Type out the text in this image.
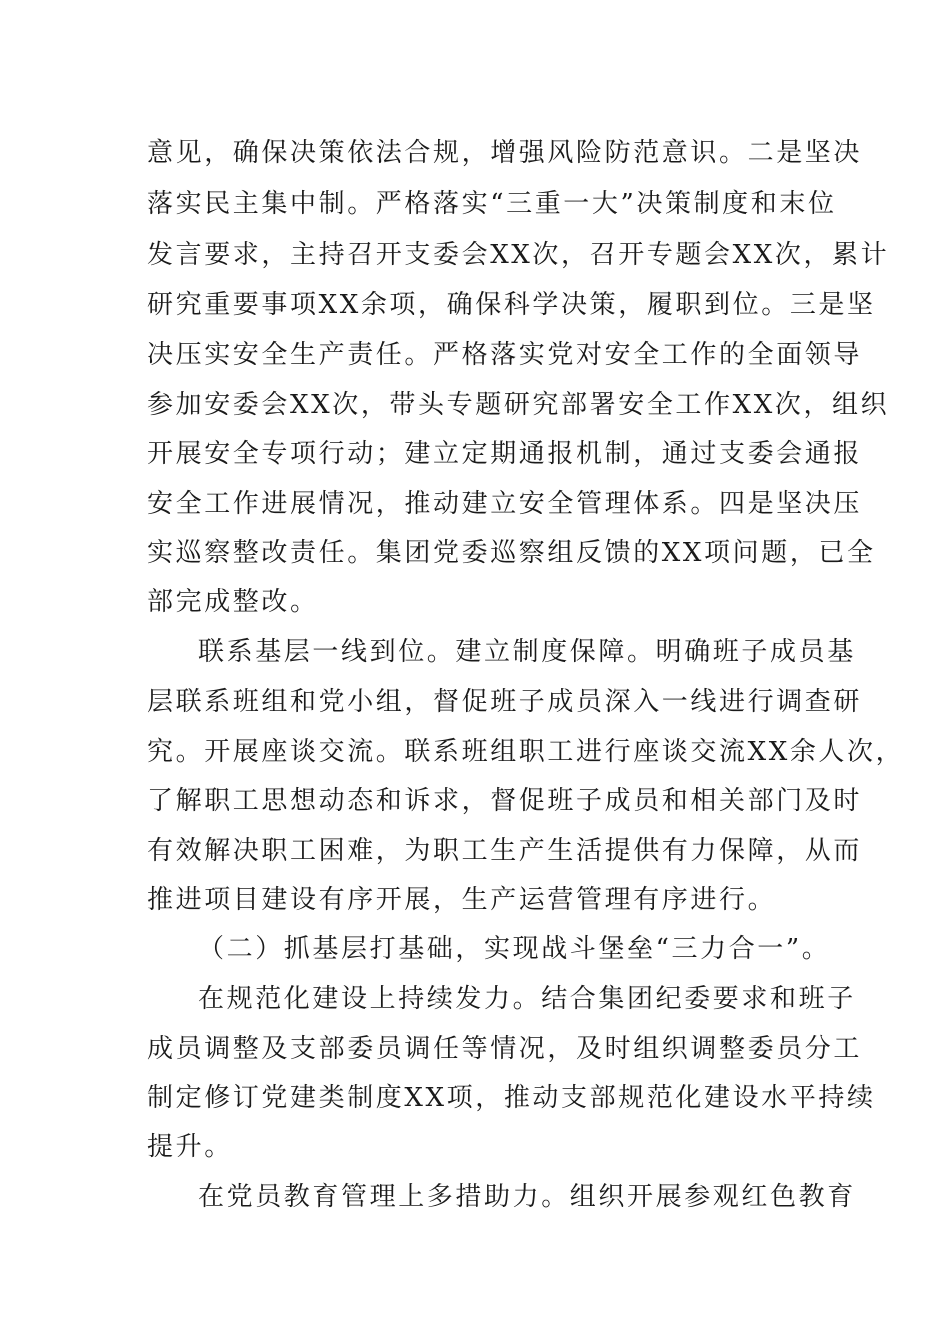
意见，确保决策依法合规，增强风险防范意识。二是坚决
落实民主集中制。严格落实“三重一大”决策制度和末位
发言要求，主持召开支委会XX次，召开专题会XX次，累计
研究重要事项XX余项，确保科学决策，履职到位。三是坚
决压实安全生产责任。严格落实党对安全工作的全面领导
参加安委会XX次，带头专题研究部署安全工作XX次，组织
开展安全专项行动；建立定期通报机制，通过支委会通报
安全工作进展情况，推动建立安全管理体系。四是坚决压
实巡察整改责任。集团党委巡察组反馈的XX项问题，已全
部完成整改。
联系基层一线到位。建立制度保障。明确班子成员基
层联系班组和党小组，督促班子成员深入一线进行调查研
究。开展座谈交流。联系班组职工进行座谈交流XX余人次，
了解职工思想动态和诉求，督促班子成员和相关部门及时
有效解决职工困难，为职工生产生活提供有力保障，从而
推进项目建设有序开展，生产运营管理有序进行。
（二）抓基层打基础，实现战斗堡垒“三力合一”。
在规范化建设上持续发力。结合集团纪委要求和班子
成员调整及支部委员调任等情况，及时组织调整委员分工
制定修订党建类制度XX项，推动支部规范化建设水平持续
提升。
在党员教育管理上多措助力。组织开展参观红色教育
